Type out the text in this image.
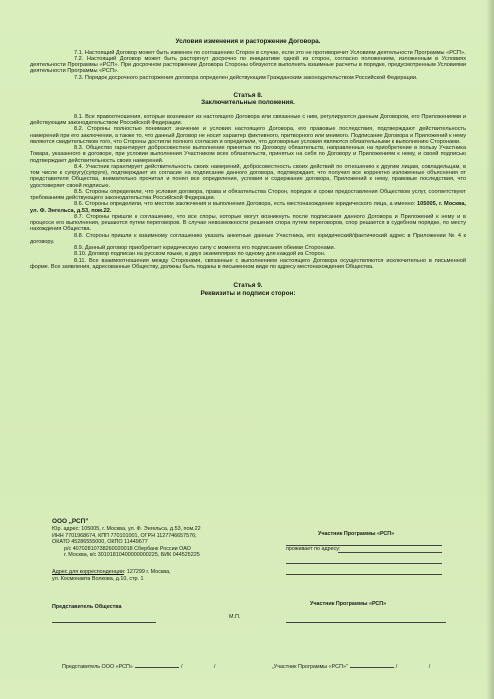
Условия изменения и расторжение Договора.

7.1. Настоящий Договор может быть изменен по соглашению Сторон в случае, если это не противоречит Условиям деятельности Программы «РСП».

7.2. Настоящий Договор может быть расторгнут досрочно по инициативе одной из сторон, согласно положениям, изложенным в Условиях деятельности Программы «РСП». При досрочном расторжении Договора Стороны обязуются выполнить взаимные расчеты в порядке, предусмотренным Условиями деятельности Программы «РСП».

7.3. Порядок досрочного расторжения договора определен действующим Гражданским законодательством Российской Федерации.

Статья 8.
Заключительные положения.

8.1. Все правоотношения, которые возникают из настоящего Договора или связанные с ним, регулируются данным Договором, его Приложениями и действующим законодательством Российской Федерации.

8.2. Стороны полностью понимают значение и условия настоящего Договора, его правовые последствия, подтверждают действительность намерений при его заключении, а также то, что данный Договор не носит характер фиктивного, притворного или мнимого. Подписание Договора и Приложений к нему являются свидетельством того, что Стороны достигли полного согласия и определили, что договорные условия являются обязательными к выполнению Сторонами.

8.3. Общество гарантирует добросовестное выполнение принятых по Договору обязательств, направленных на приобретение в пользу Участника Товара, указанного в договоре, при условии выполнения Участником всех обязательств, принятых на себя по Договору и Приложениям к нему, и своей подписью подтверждает действительность своих намерений.

8.4. Участник гарантирует действительность своих намерений, добросовестность своих действий по отношению к другим лицам, совладельцам, в том числе к супругу(супруге), подтверждает их согласие на подписание данного договора, подтверждает, что получил все корректно изложенные объяснения от представителя Общества, внимательно прочитал и понял все определения, условия и содержание договора, Приложений к нему, правовые последствия, что удостоверяет своей подписью.

8.5. Стороны определили, что условия договора, права и обязательства Сторон, порядок и сроки предоставления Обществом услуг, соответствуют требованиям действующего законодательства Российской Федерации.

8.6. Стороны определили, что местом заключения и выполнения Договора, есть местонахождение юридического лица, а именно: 105005, г. Москва, ул. Ф. Энгельса, д.53, пом.22.

8.7. Стороны пришли к соглашению, что все споры, которые могут возникнуть после подписания данного Договора и Приложений к нему и в процессе его выполнения, решаются путем переговоров. В случае невозможности решения спора путем переговоров, спор решается в судебном порядке, по месту нахождения Общества.

8.8. Стороны пришли к взаимному соглашению указать анкетные данные Участника, его юридический/фактический адрес в Приложении № 4 к договору.

8.9. Данный договор приобретает юридическую силу с момента его подписания обеими Сторонами.

8.10. Договор подписан на русском языке, в двух экземплярах по одному для каждой из Сторон.

8.11. Все взаимоотношения между Сторонами, связанные с выполнением настоящего Договора осуществляются исключительно в письменной форме. Все заявления, адресованные Обществу, должны быть поданы в письменном виде по адресу местонахождения Общества.

Статья 9.
Реквизиты и подписи сторон:
ООО „РСП”
Юр. адрес: 105005, г. Москва, ул. Ф. Энгельса, д.53, пом.22
ИНН 7701968674, КПП 770101001, ОГРН 1127746657576;
ОКАТО 45286555000, ОКПО 11449677
р/с 40702810738260020018 Сбербанк России ОАО
г. Москва, к/с 30101810400000000225, БИК 044525225
Адрес для корреспонденции: 127299 г. Москва,
ул. Космонавта Волкова, д.10, стр. 1
Представитель Общества
М.П.
Представитель ООО «РСП»	/                     /
Участник Программы «РСП»
проживает по адресу:
Участник Программы «РСП»
„Участник Программы «РСП»”	/                     /
